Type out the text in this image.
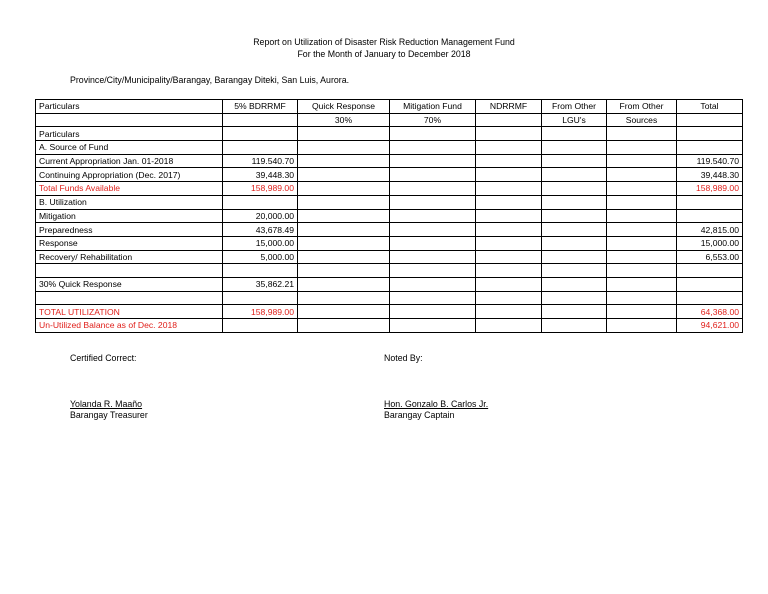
Report on Utilization of Disaster Risk Reduction Management Fund
For the Month of January to December 2018
Province/City/Municipality/Barangay, Barangay Diteki, San Luis, Aurora.
Particulars	5% BDRRMF	Quick Response	Mitigation Fund	NDRRMF	From Other	From Other	Total
		30%	70%		LGU's	Sources	
Particulars							
A. Source of Fund							
Current Appropriation Jan. 01-2018	119.540.70						119.540.70
Continuing Appropriation (Dec. 2017)	39,448.30						39,448.30
Total Funds Available	158,989.00						158,989.00
B. Utilization							
Mitigation	20,000.00						
Preparedness	43,678.49						42,815.00
Response	15,000.00						15,000.00
Recovery/ Rehabilitation	5,000.00						6,553.00

30% Quick Response	35,862.21						

TOTAL UTILIZATION	158,989.00						64,368.00
Un-Utilized Balance as of Dec. 2018							94,621.00
Certified Correct:	Noted By:
Yolanda R. Maaño
Barangay Treasurer
Hon. Gonzalo B. Carlos Jr.
Barangay Captain
